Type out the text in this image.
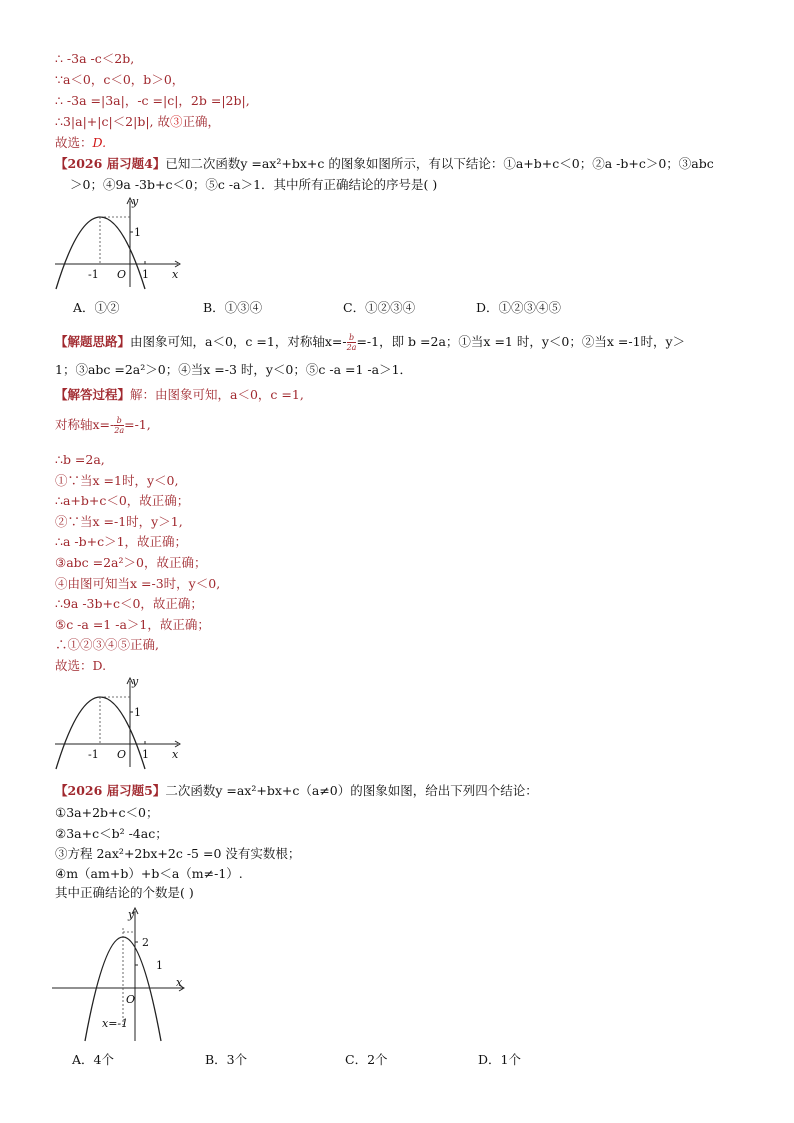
∴ -3a -c＜2b,
∵a＜0，c＜0，b＞0，
∴ -3a =|3a|，-c =|c|，2b =|2b|,
∴3|a|+|c|＜2|b|, 故③正确，
故选：D.
【2026 届习题4】已知二次函数y =ax²+bx+c 的图象如图所示，有以下结论：①a+b+c＜0；②a -b+c＞0；③abc
＞0；④9a -3b+c＜0；⑤c -a＞1．其中所有正确结论的序号是( )
y
x
1
-1 O 1
A．①②	B．①③④	C．①②③④	D．①②③④⑤
【解题思路】由图象可知，a＜0，c =1，对称轴$x=- \frac{b}{2a} =-1$，即 b =2a；①当x =1 时，y＜0；②当x =-1时，y＞
1；③abc =2a²＞0；④当x =-3 时，y＜0；⑤c -a =1 -a＞1．
【解答过程】解：由图象可知，a＜0，c =1,
对称轴$x=- \frac{b}{2a} =-1$,
∴b =2a,
①∵当x =1时，y＜0,
∴a+b+c＜0，故正确；
②∵当x =-1时，y＞1,
∴a -b+c＞1，故正确；
③abc =2a²＞0，故正确；
④由图可知当x =-3时，y＜0,
∴9a -3b+c＜0，故正确；
⑤c -a =1 -a＞1，故正确；
∴①②③④⑤正确,
故选：D.
y
x
1
-1 O 1
【2026 届习题5】二次函数y =ax²+bx+c（a≠0）的图象如图，给出下列四个结论：
①3a+2b+c＜0；
②3a+c＜b² -4ac；
③方程 2ax²+2bx+2c -5 =0 没有实数根；
④m（am+b）+b＜a（m≠-1）.
其中正确结论的个数是( )
y
x
2
1
O
x=-1
A．4个	B．3个	C．2个	D．1个
